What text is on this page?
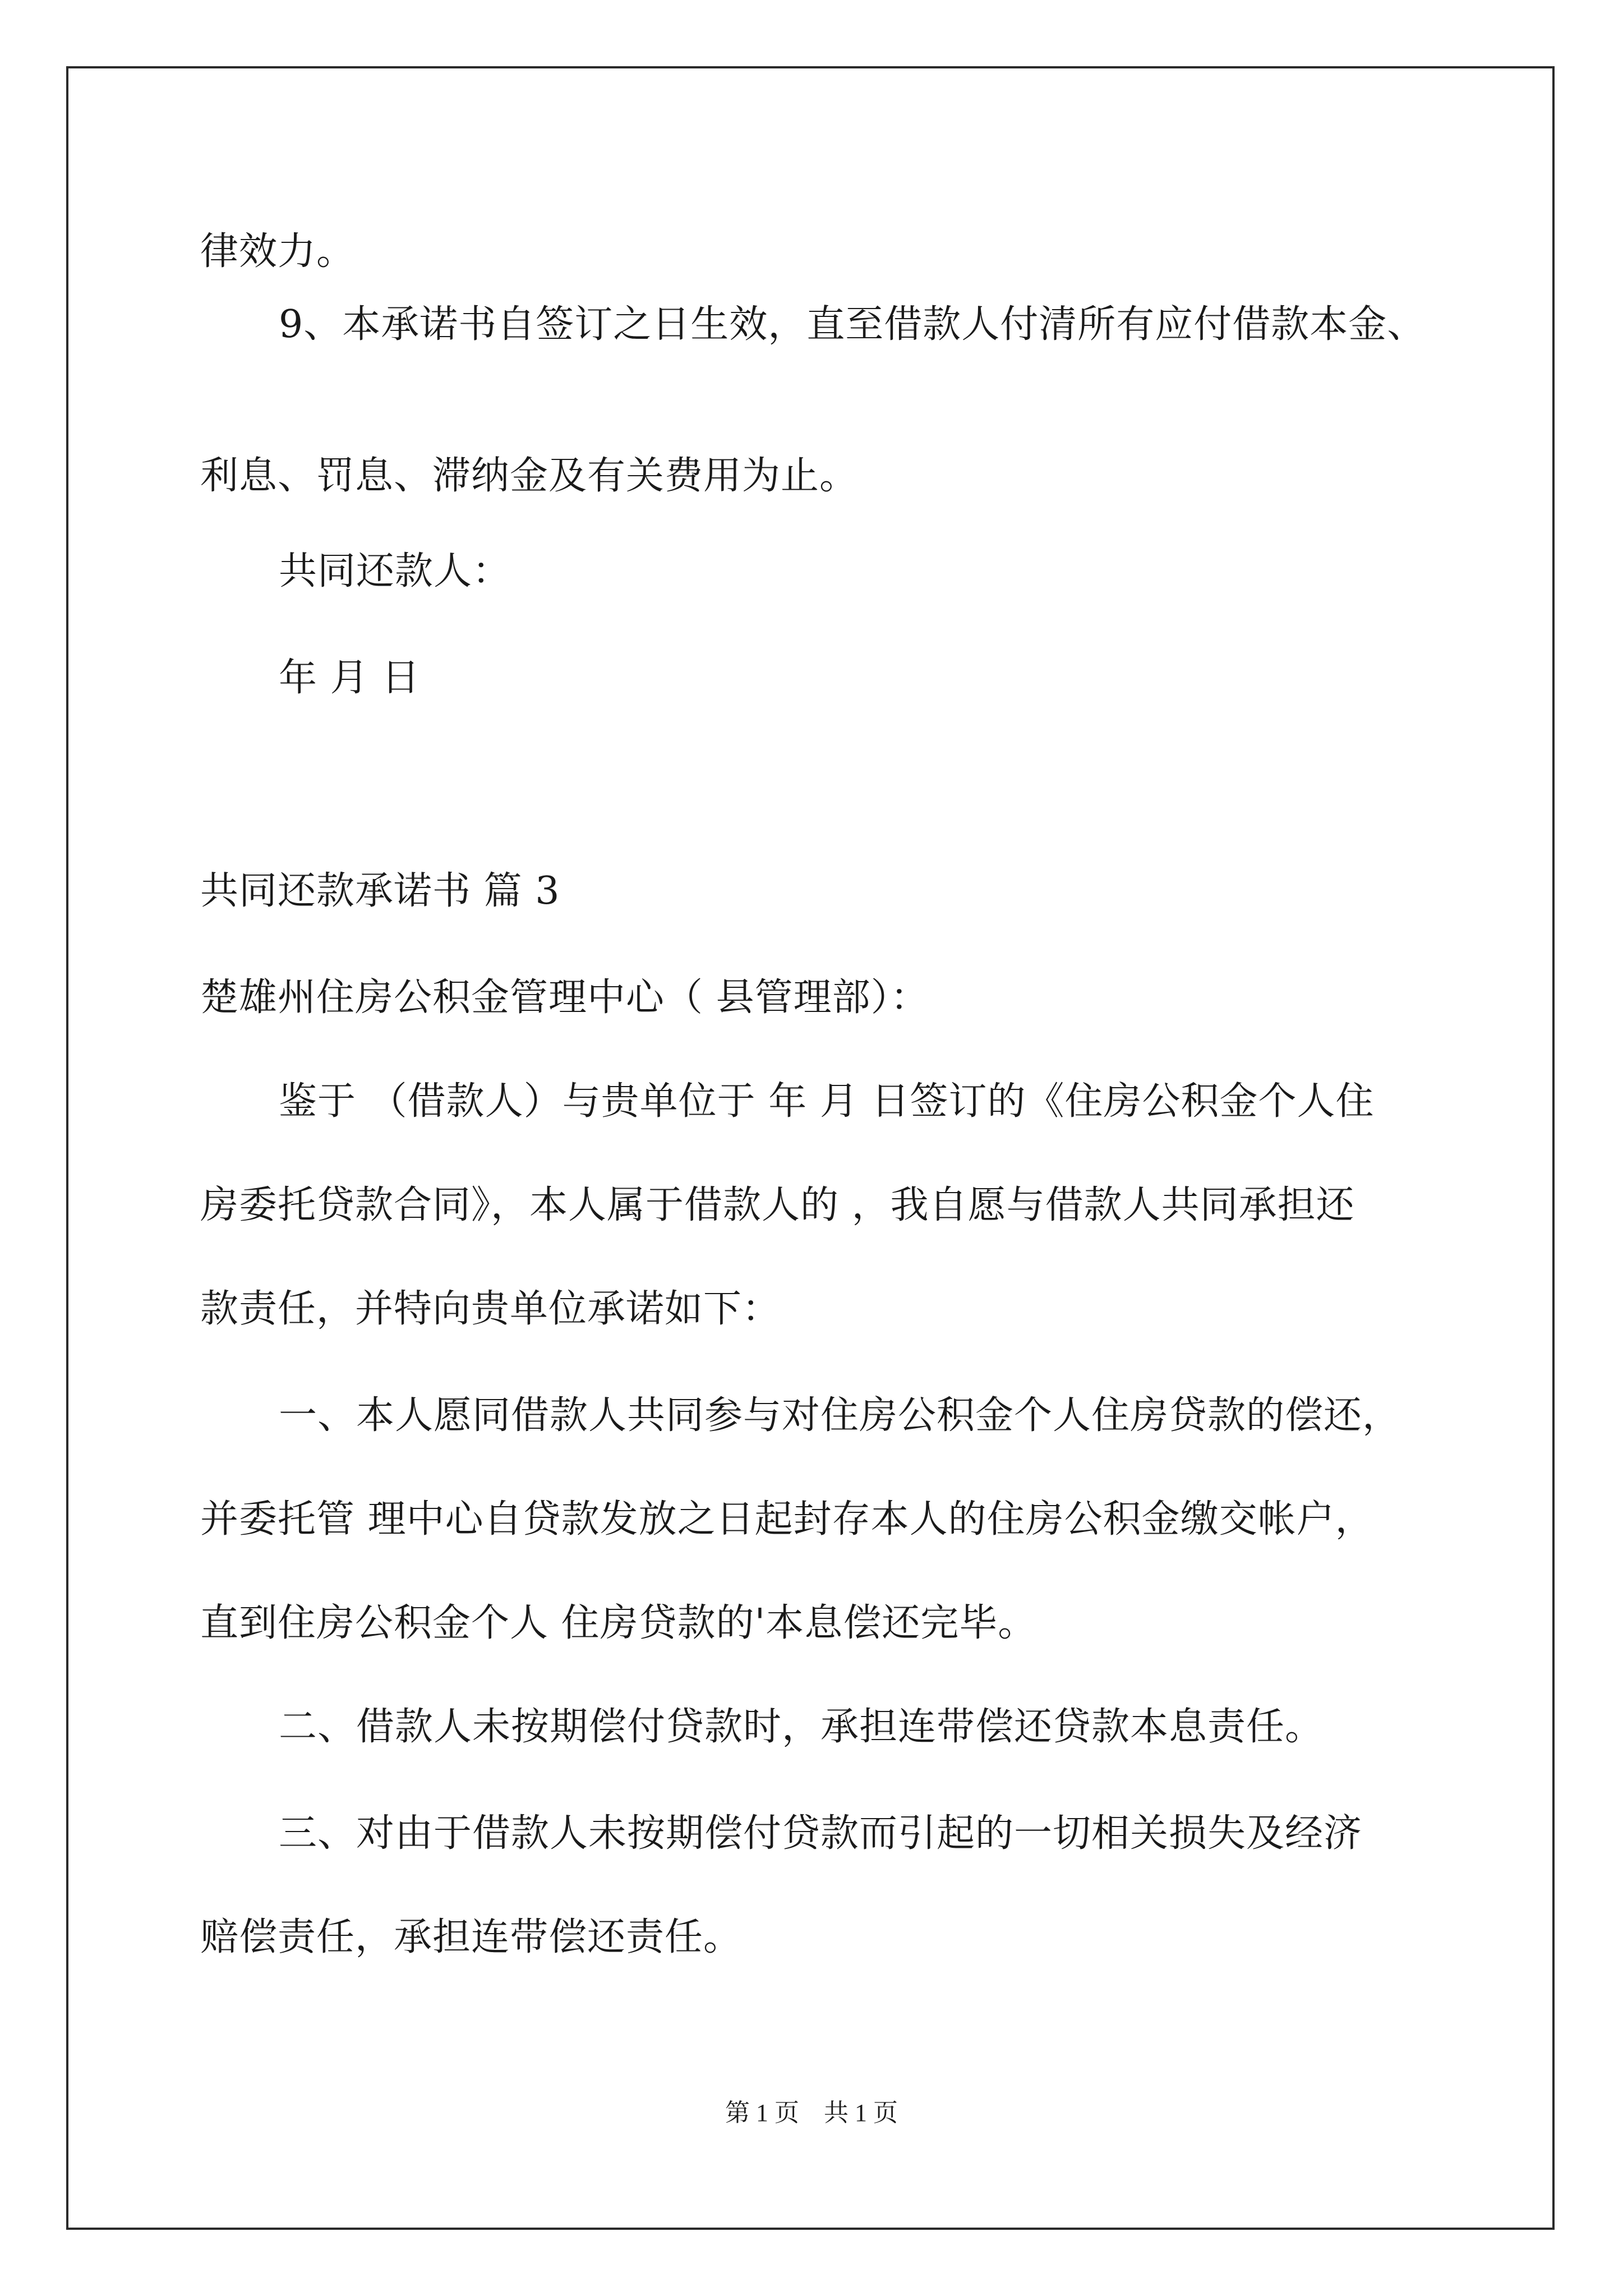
律效力。
9、本承诺书自签订之日生效，直至借款人付清所有应付借款本金、
利息、罚息、滞纳金及有关费用为止。
共同还款人：
年 月 日
共同还款承诺书 篇 3
楚雄州住房公积金管理中心（ 县管理部）：
鉴于 （借款人）与贵单位于 年 月 日签订的《住房公积金个人住
房委托贷款合同》，本人属于借款人的 ，我自愿与借款人共同承担还
款责任，并特向贵单位承诺如下：
一、本人愿同借款人共同参与对住房公积金个人住房贷款的偿还，
并委托管 理中心自贷款发放之日起封存本人的住房公积金缴交帐户，
直到住房公积金个人 住房贷款的'本息偿还完毕。
二、借款人未按期偿付贷款时，承担连带偿还贷款本息责任。
三、对由于借款人未按期偿付贷款而引起的一切相关损失及经济
赔偿责任，承担连带偿还责任。
第 1 页    共 1 页
